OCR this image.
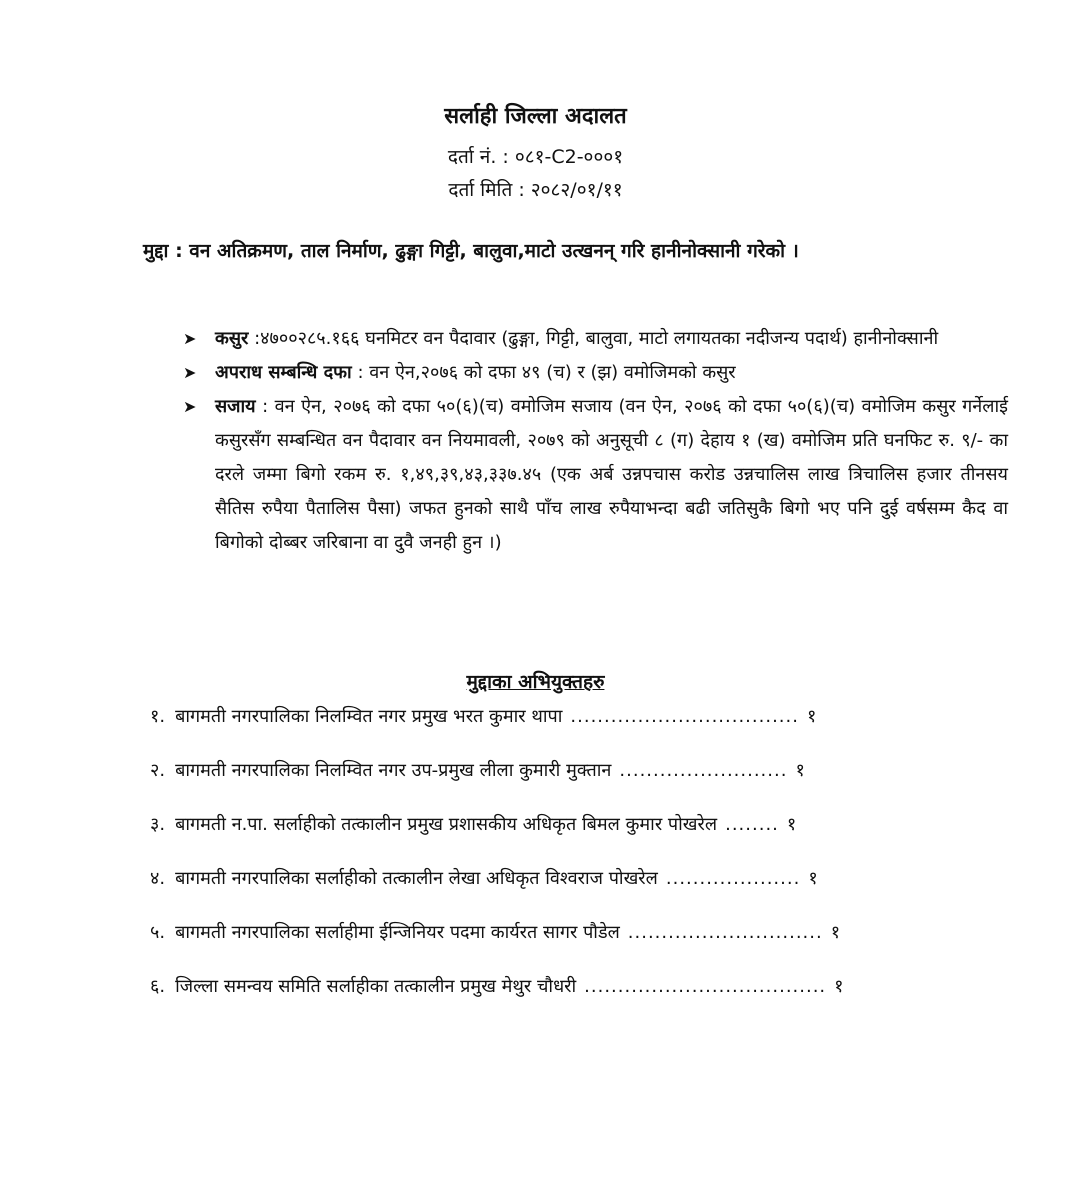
सर्लाही जिल्ला अदालत
दर्ता नं. : ०८१-C2-०००१
दर्ता मिति : २०८२/०१/११
मुद्दा : वन अतिक्रमण, ताल निर्माण, ढुङ्गा गिट्टी, बालुवा,माटो उत्खनन् गरि हानीनोक्सानी गरेको ।
➤ कसुर :४७००२८५.१६६ घनमिटर वन पैदावार (ढुङ्गा, गिट्टी, बालुवा, माटो लगायतका नदीजन्य पदार्थ) हानीनोक्सानी
➤ अपराध सम्बन्धि दफा : वन ऐन,२०७६ को दफा ४९ (च) र (झ) वमोजिमको कसुर
➤ सजाय : वन ऐन, २०७६ को दफा ५०(६)(च) वमोजिम सजाय (वन ऐन, २०७६ को दफा ५०(६)(च) वमोजिम कसुर गर्नेलाई कसुरसँग सम्बन्धित वन पैदावार वन नियमावली, २०७९ को अनुसूची ८ (ग) देहाय १ (ख) वमोजिम प्रति घनफिट रु. ९/- का दरले जम्मा बिगो रकम रु. १,४९,३९,४३,३३७.४५ (एक अर्ब उन्नपचास करोड उन्नचालिस लाख त्रिचालिस हजार तीनसय सैतिस रुपैया पैतालिस पैसा) जफत हुनको साथै पाँच लाख रुपैयाभन्दा बढी जतिसुकै बिगो भए पनि दुई वर्षसम्म कैद वा बिगोको दोब्बर जरिबाना वा दुवै जनही हुन ।)
मुद्दाका अभियुक्तहरु
१. बागमती नगरपालिका निलम्वित नगर प्रमुख भरत कुमार थापा .................................. १
२. बागमती नगरपालिका निलम्वित नगर उप-प्रमुख लीला कुमारी मुक्तान ......................... १
३. बागमती न.पा. सर्लाहीको तत्कालीन प्रमुख प्रशासकीय अधिकृत बिमल कुमार पोखरेल ........ १
४. बागमती नगरपालिका सर्लाहीको तत्कालीन लेखा अधिकृत विश्वराज पोखरेल .................... १
५. बागमती नगरपालिका सर्लाहीमा ईन्जिनियर पदमा कार्यरत सागर पौडेल ............................. १
६. जिल्ला समन्वय समिति सर्लाहीका तत्कालीन प्रमुख मेथुर चौधरी .................................... १
